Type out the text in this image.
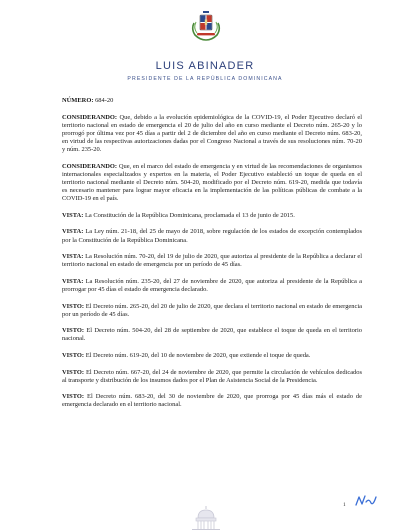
LUIS ABINADER
PRESIDENTE DE LA REPÚBLICA DOMINICANA

NÚMERO: 684-20

CONSIDERANDO: Que, debido a la evolución epidemiológica de la COVID-19, el Poder Ejecutivo declaró el territorio nacional en estado de emergencia el 20 de julio del año en curso mediante el Decreto núm. 265-20 y lo prorrogó por última vez por 45 días a partir del 2 de diciembre del año en curso mediante el Decreto núm. 683-20, en virtud de las respectivas autorizaciones dadas por el Congreso Nacional a través de sus resoluciones núm. 70-20 y núm. 235-20.

CONSIDERANDO: Que, en el marco del estado de emergencia y en virtud de las recomendaciones de organismos internacionales especializados y expertos en la materia, el Poder Ejecutivo estableció un toque de queda en el territorio nacional mediante el Decreto núm. 504-20, modificado por el Decreto núm. 619-20, medida que todavía es necesario mantener para lograr mayor eficacia en la implementación de las políticas públicas de combate a la COVID-19 en el país.

VISTA: La Constitución de la República Dominicana, proclamada el 13 de junio de 2015.

VISTA: La Ley núm. 21-18, del 25 de mayo de 2018, sobre regulación de los estados de excepción contemplados por la Constitución de la República Dominicana.

VISTA: La Resolución núm. 70-20, del 19 de julio de 2020, que autoriza al presidente de la República a declarar el territorio nacional en estado de emergencia por un período de 45 días.

VISTA: La Resolución núm. 235-20, del 27 de noviembre de 2020, que autoriza al presidente de la República a prorrogar por 45 días el estado de emergencia declarado.

VISTO: El Decreto núm. 265-20, del 20 de julio de 2020, que declara el territorio nacional en estado de emergencia por un período de 45 días.

VISTO: El Decreto núm. 504-20, del 28 de septiembre de 2020, que establece el toque de queda en el territorio nacional.

VISTO: El Decreto núm. 619-20, del 10 de noviembre de 2020, que extiende el toque de queda.

VISTO: El Decreto núm. 667-20, del 24 de noviembre de 2020, que permite la circulación de vehículos dedicados al transporte y distribución de los insumos dados por el Plan de Asistencia Social de la Presidencia.

VISTO: El Decreto núm. 683-20, del 30 de noviembre de 2020, que prorroga por 45 días más el estado de emergencia declarado en el territorio nacional.

1
